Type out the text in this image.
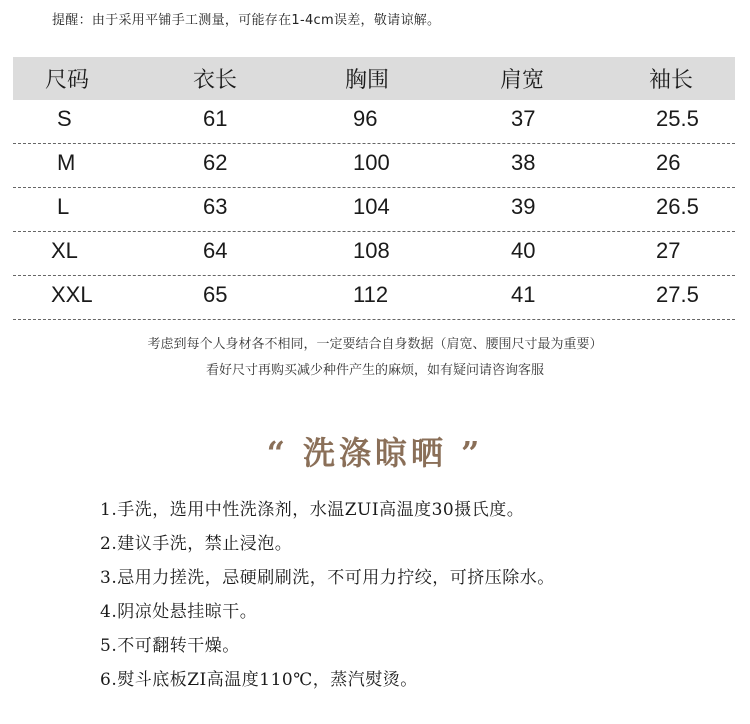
提醒：由于采用平铺手工测量，可能存在1-4cm误差，敬请谅解。
尺码	衣长	胸围	肩宽	袖长
S	61	96	37	25.5
M	62	100	38	26
L	63	104	39	26.5
XL	64	108	40	27
XXL	65	112	41	27.5
考虑到每个人身材各不相同，一定要结合自身数据（肩宽、腰围尺寸最为重要）
看好尺寸再购买减少种件产生的麻烦，如有疑问请咨询客服
“ 洗涤晾晒 ”
1.手洗，选用中性洗涤剂，水温ZUI高温度30摄氏度。
2.建议手洗，禁止浸泡。
3.忌用力搓洗，忌硬刷刷洗，不可用力拧绞，可挤压除水。
4.阴凉处悬挂晾干。
5.不可翻转干燥。
6.熨斗底板ZI高温度110℃，蒸汽熨烫。
